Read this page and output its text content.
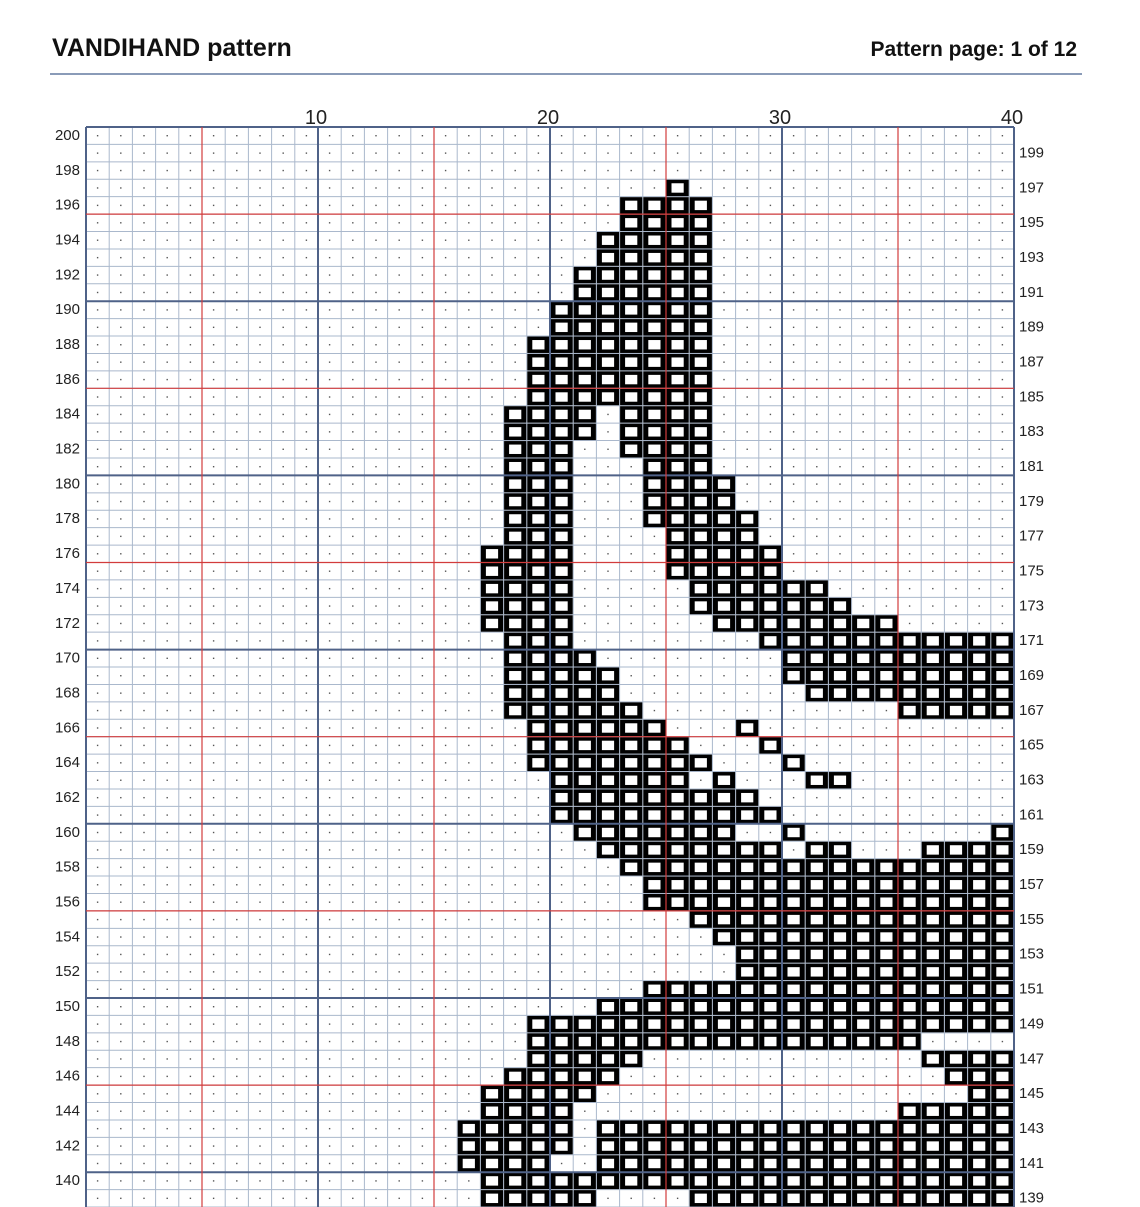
VANDIHAND pattern	Pattern page: 1 of 12
10	20	30	40
200
198
196
194
192
190
188
186
184
182
180
178
176
174
172
170
168
166
164
162
160
158
156
154
152
150
148
146
144
142
140
199
197
195
193
191
189
187
185
183
181
179
177
175
173
171
169
167
165
163
161
159
157
155
153
151
149
147
145
143
141
139
